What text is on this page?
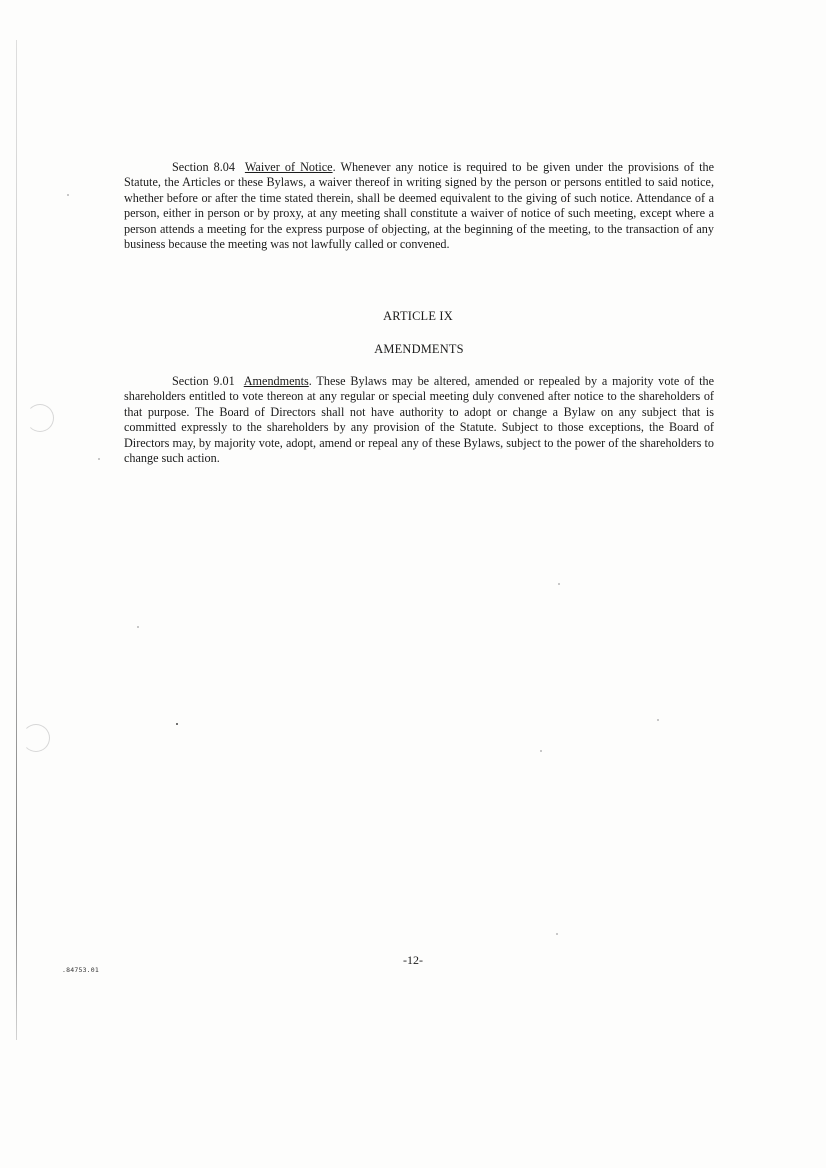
Section 8.04 Waiver of Notice. Whenever any notice is required to be given under the provisions of the Statute, the Articles or these Bylaws, a waiver thereof in writing signed by the person or persons entitled to said notice, whether before or after the time stated therein, shall be deemed equivalent to the giving of such notice. Attendance of a person, either in person or by proxy, at any meeting shall constitute a waiver of notice of such meeting, except where a person attends a meeting for the express purpose of objecting, at the beginning of the meeting, to the transaction of any business because the meeting was not lawfully called or convened.

ARTICLE IX
AMENDMENTS

Section 9.01 Amendments. These Bylaws may be altered, amended or repealed by a majority vote of the shareholders entitled to vote thereon at any regular or special meeting duly convened after notice to the shareholders of that purpose. The Board of Directors shall not have authority to adopt or change a Bylaw on any subject that is committed expressly to the shareholders by any provision of the Statute. Subject to those exceptions, the Board of Directors may, by majority vote, adopt, amend or repeal any of these Bylaws, subject to the power of the shareholders to change such action.

-12-
.84753.01
